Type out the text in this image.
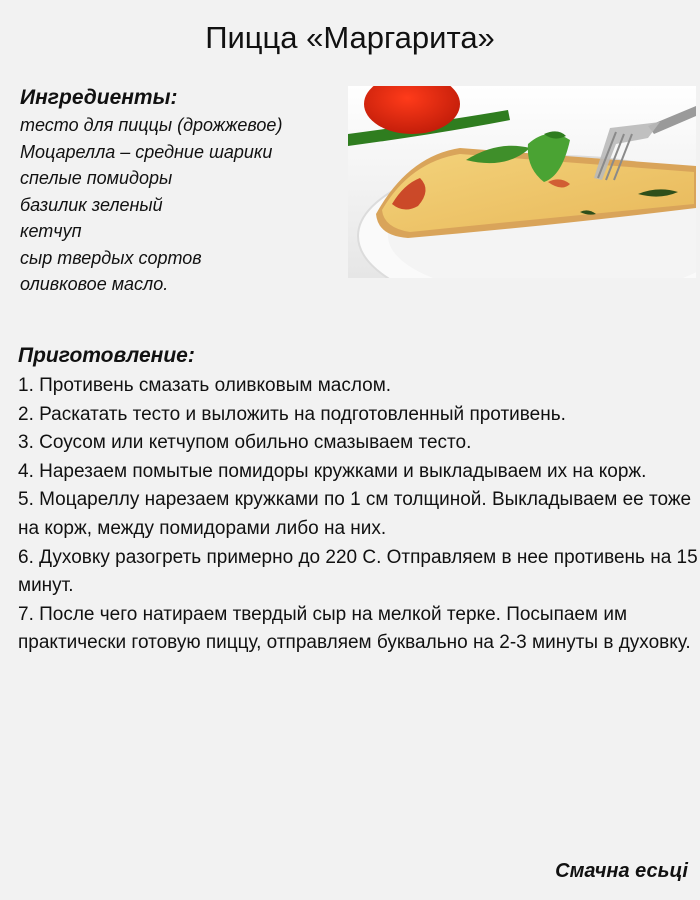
Пицца «Маргарита»
Ингредиенты:
тесто для пиццы (дрожжевое)
Моцарелла – средние шарики
спелые помидоры
базилик зеленый
кетчуп
сыр твердых сортов
оливковое масло.
Приготовление:

1. Противень смазать оливковым маслом.

2. Раскатать тесто и выложить на подготовленный противень.

3. Соусом или кетчупом обильно смазываем тесто.

4. Нарезаем помытые помидоры кружками и выкладываем их на корж.

5. Моцареллу нарезаем кружками по 1 см толщиной. Выкладываем ее тоже на корж, между помидорами либо на них.

6. Духовку разогреть примерно до 220 С. Отправляем в нее противень на 15 минут.

7. После чего натираем твердый сыр на мелкой терке. Посыпаем им практически готовую пиццу, отправляем буквально на 2-3 минуты в духовку.

Смачна есьці
